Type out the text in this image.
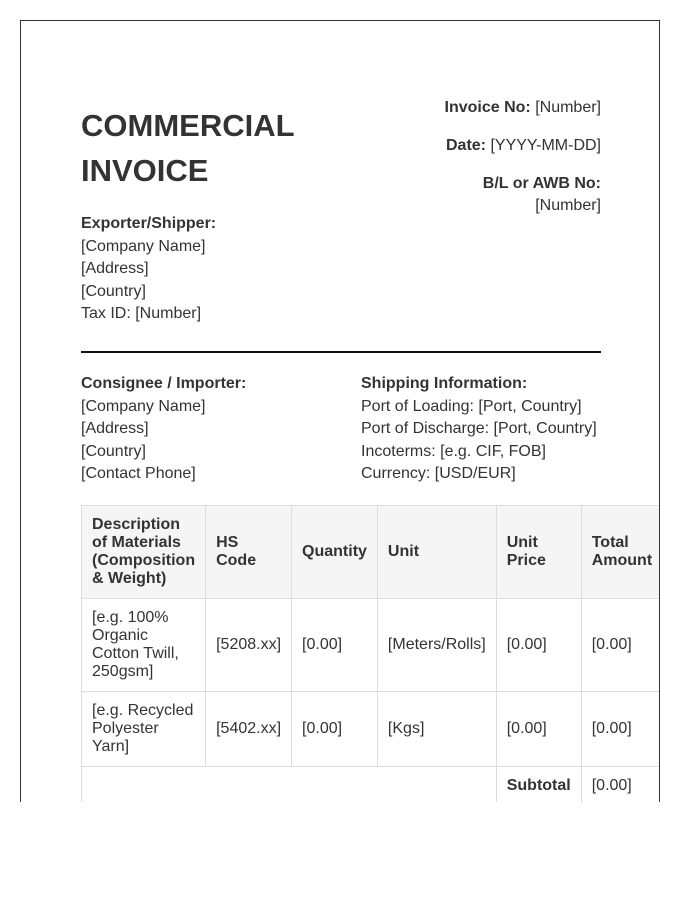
COMMERCIAL
INVOICE
Invoice No: [Number]
Date: [YYYY-MM-DD]
B/L or AWB No:
[Number]
Exporter/Shipper:
[Company Name]
[Address]
[Country]
Tax ID: [Number]
Consignee / Importer:
[Company Name]
[Address]
[Country]
[Contact Phone]
Shipping Information:
Port of Loading: [Port, Country]
Port of Discharge: [Port, Country]
Incoterms: [e.g. CIF, FOB]
Currency: [USD/EUR]
Description of Materials (Composition & Weight)	HS Code	Quantity	Unit	Unit Price	Total Amount
[e.g. 100% Organic Cotton Twill, 250gsm]	[5208.xx]	[0.00]	[Meters/Rolls]	[0.00]	[0.00]
[e.g. Recycled Polyester Yarn]	[5402.xx]	[0.00]	[Kgs]	[0.00]	[0.00]
				Subtotal	[0.00]
